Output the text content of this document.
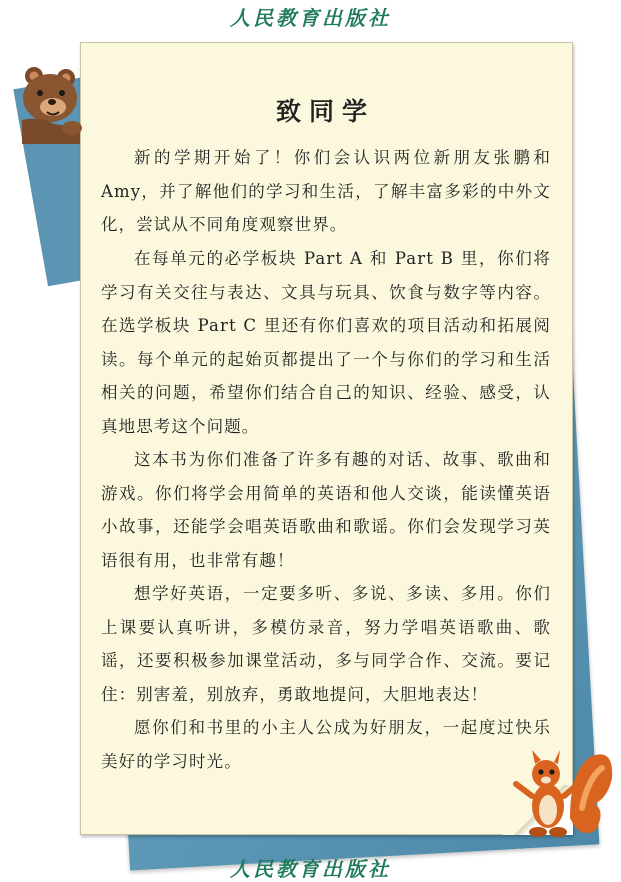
人民教育出版社
致同学

新的学期开始了！你们会认识两位新朋友张鹏和Amy，并了解他们的学习和生活，了解丰富多彩的中外文化，尝试从不同角度观察世界。

在每单元的必学板块 Part A 和 Part B 里，你们将学习有关交往与表达、文具与玩具、饮食与数字等内容。在选学板块 Part C 里还有你们喜欢的项目活动和拓展阅读。每个单元的起始页都提出了一个与你们的学习和生活相关的问题，希望你们结合自己的知识、经验、感受，认真地思考这个问题。

这本书为你们准备了许多有趣的对话、故事、歌曲和游戏。你们将学会用简单的英语和他人交谈，能读懂英语小故事，还能学会唱英语歌曲和歌谣。你们会发现学习英语很有用，也非常有趣！

想学好英语，一定要多听、多说、多读、多用。你们上课要认真听讲，多模仿录音，努力学唱英语歌曲、歌谣，还要积极参加课堂活动，多与同学合作、交流。要记住：别害羞，别放弃，勇敢地提问，大胆地表达！

愿你们和书里的小主人公成为好朋友，一起度过快乐美好的学习时光。

人民教育出版社
